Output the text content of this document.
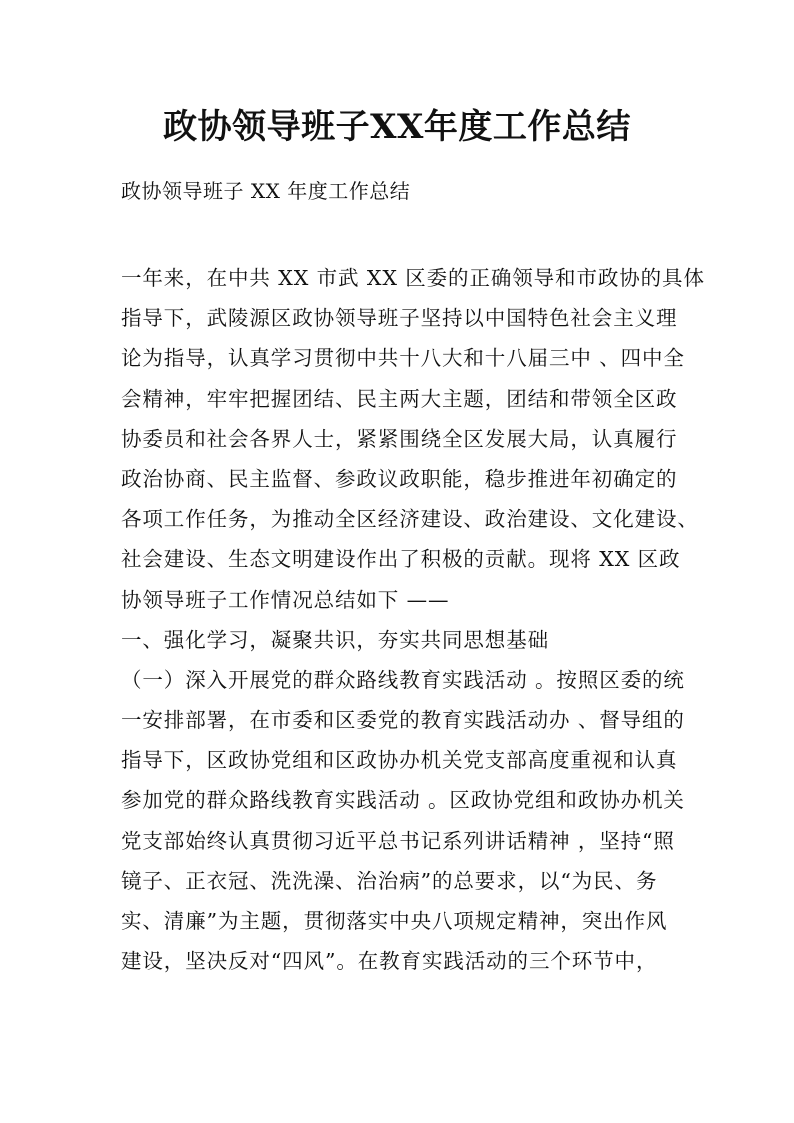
政协领导班子XX年度工作总结
政协领导班子 XX 年度工作总结
一年来，在中共 XX 市武 XX 区委的正确领导和市政协的具体
指导下，武陵源区政协领导班子坚持以中国特色社会主义理
论为指导，认真学习贯彻中共十八大和十八届三中 、四中全
会精神，牢牢把握团结、民主两大主题，团结和带领全区政
协委员和社会各界人士，紧紧围绕全区发展大局，认真履行
政治协商、民主监督、参政议政职能，稳步推进年初确定的
各项工作任务，为推动全区经济建设、政治建设、文化建设、
社会建设、生态文明建设作出了积极的贡献。现将 XX 区政
协领导班子工作情况总结如下 ——
一、强化学习，凝聚共识，夯实共同思想基础
（一）深入开展党的群众路线教育实践活动 。按照区委的统
一安排部署，在市委和区委党的教育实践活动办 、督导组的
指导下，区政协党组和区政协办机关党支部高度重视和认真
参加党的群众路线教育实践活动 。区政协党组和政协办机关
党支部始终认真贯彻习近平总书记系列讲话精神 ，坚持“照
镜子、正衣冠、洗洗澡、治治病”的总要求，以“为民、务
实、清廉”为主题，贯彻落实中央八项规定精神，突出作风
建设，坚决反对“四风”。在教育实践活动的三个环节中，
